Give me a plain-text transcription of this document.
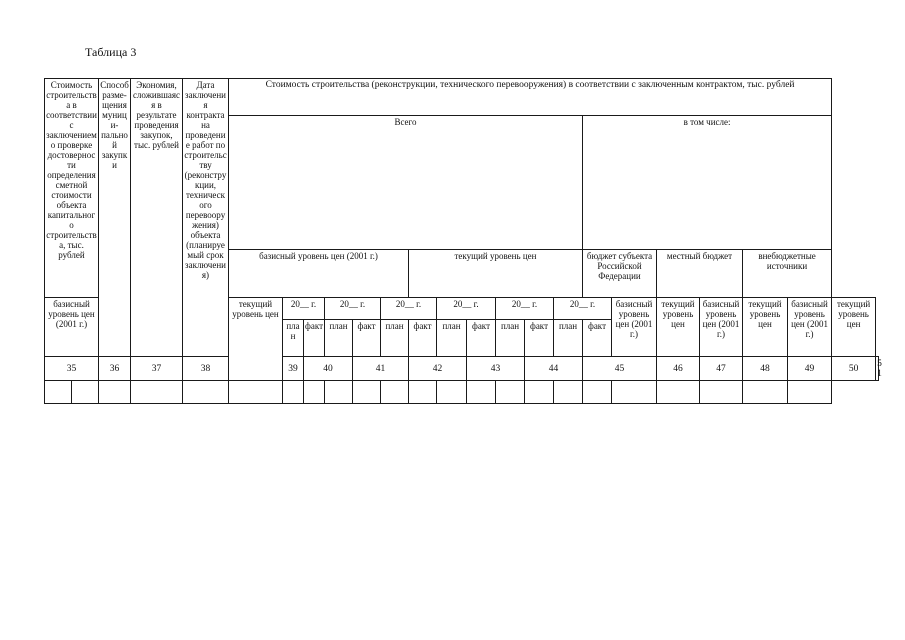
Таблица 3
Стоимость строительства в соответствии с заключением о проверке достоверности определения сметной стоимости объекта капитального строительства, тыс. рублей		Способ разме-щения муници-пальной закупки	Экономия, сложившаяся в результате проведения закупок, тыс. рублей	Дата заключения контракта на проведение работ по строительству (реконструкции, технического перевооружения) объекта (планируемый срок заключения)	Стоимость строительства (реконструкции, технического перевооружения) в соответствии с заключенным контрактом, тыс. рублей																			
					Всего												в том числе:							
					базисный уровень цен (2001 г.)						текущий уровень цен						бюджет субъекта Российской Федерации		местный бюджет		внебюджетные источники			
базисный уровень цен (2001 г.)					текущий уровень цен	20__ г.		20__ г.		20__ г.		20__ г.		20__ г.		20__ г.		базисный уровень цен (2001 г.)	текущий уровень цен	базисный уровень цен (2001 г.)	текущий уровень цен	базисный уровень цен (2001 г.)	текущий уровень цен	
						план	факт	план	факт	план	факт	план	факт	план	факт	план	факт							
35		36	37	38		39	40		41		42		43		44		45		46	47	48	49	50	51
